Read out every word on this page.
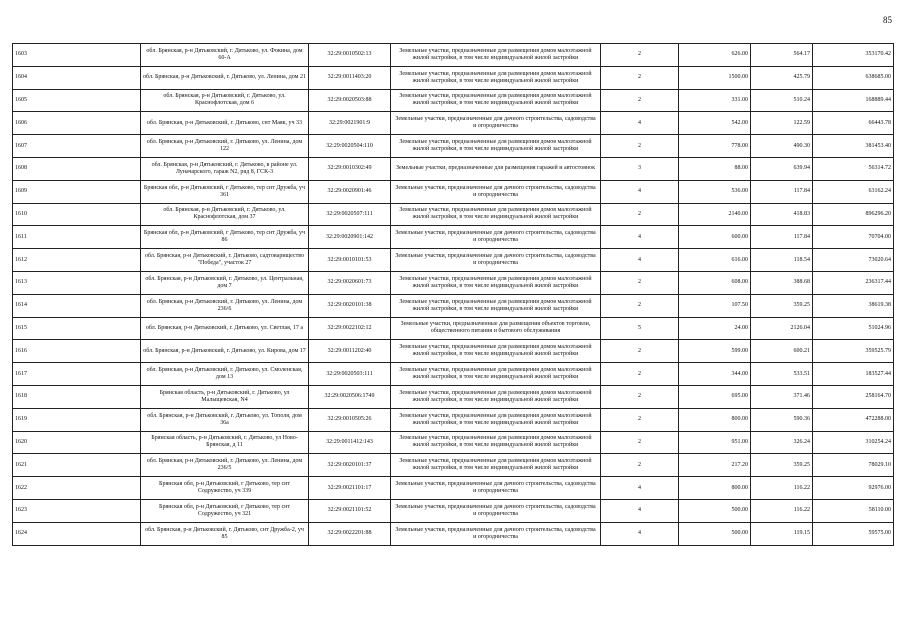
85
1603	обл. Брянская, р-н Дятьковский, г. Дятьково, ул. Фокина, дом 60-А	32:29:0010502:13	Земельные участки, предназначенные для размещения домов малоэтажной жилой застройки, в том числе индивидуальной жилой застройки	2	626.00	564.17	353170.42
1604	обл. Брянская, р-н Дятьковский, г. Дятьково, ул. Ленина, дом 21	32:29:0011403:20	Земельные участки, предназначенные для размещения домов малоэтажной жилой застройки, в том числе индивидуальной жилой застройки	2	1500.00	425.79	638685.00
1605	обл. Брянская, р-н Дятьковский, г. Дятьково, ул. Краснофлотская, дом 6	32:29:0020503:88	Земельные участки, предназначенные для размещения домов малоэтажной жилой застройки, в том числе индивидуальной жилой застройки	2	331.00	510.24	168889.44
1606	обл. Брянская, р-н Дятьковский, г. Дятьково, снт Маяк, уч 33	32:29:0021901:9	Земельные участки, предназначенные для дачного строительства, садоводства и огородничества	4	542.00	122.59	66443.78
1607	обл. Брянская, р-н Дятьковский, г. Дятьково, ул. Ленина, дом 122	32:29:0020504:110	Земельные участки, предназначенные для размещения домов малоэтажной жилой застройки, в том числе индивидуальной жилой застройки	2	778.00	490.30	381453.40
1608	обл. Брянская, р-н Дятьковский, г. Дятьково, в районе ул. Луначарского, гараж N2, ряд 8, ГСК-3	32:29:0010302:49	Земельные участки, предназначенные для размещения гаражей и автостоянок	3	88.00	639.94	56314.72
1609	Брянская обл, р-н Дятьковский, г Дятьково, тер снт Дружба, уч 361	32:29:0020901:46	Земельные участки, предназначенные для дачного строительства, садоводства и огородничества	4	536.00	117.84	63162.24
1610	обл. Брянская, р-н Дятьковский, г. Дятьково, ул. Краснофлотская, дом 37	32:29:0020507:111	Земельные участки, предназначенные для размещения домов малоэтажной жилой застройки, в том числе индивидуальной жилой застройки	2	2140.00	418.83	896296.20
1611	Брянская обл, р-н Дятьковский, г Дятьково, тер снт Дружба, уч 86	32:29:0020901:142	Земельные участки, предназначенные для дачного строительства, садоводства и огородничества	4	600.00	117.84	70704.00
1612	обл. Брянская, р-н Дятьковский, г. Дятьково, садтоварищество "Победа", участок 27	32:29:0010101:53	Земельные участки, предназначенные для дачного строительства, садоводства и огородничества	4	616.00	118.54	73020.64
1613	обл. Брянская, р-н Дятьковский, г. Дятьково, ул. Центральная, дом 7	32:29:0020601:73	Земельные участки, предназначенные для размещения домов малоэтажной жилой застройки, в том числе индивидуальной жилой застройки	2	608.00	388.68	236317.44
1614	обл. Брянская, р-н Дятьковский, г. Дятьково, ул. Ленина, дом 236/6	32:29:0020101:38	Земельные участки, предназначенные для размещения домов малоэтажной жилой застройки, в том числе индивидуальной жилой застройки	2	107.50	359.25	38619.38
1615	обл. Брянская, р-н Дятьковский, г. Дятьково, ул. Светлая, 17 а	32:29:0022102:12	Земельные участки, предназначенные для размещения объектов торговли, общественного питания и бытового обслуживания	5	24.00	2126.04	51024.96
1616	обл. Брянская, р-н Дятьковский, г. Дятьково, ул. Кирова, дом 17	32:29:0011202:40	Земельные участки, предназначенные для размещения домов малоэтажной жилой застройки, в том числе индивидуальной жилой застройки	2	599.00	600.21	359525.79
1617	обл. Брянская, р-н Дятьковский, г. Дятьково, ул. Смоленская, дом 13	32:29:0020503:111	Земельные участки, предназначенные для размещения домов малоэтажной жилой застройки, в том числе индивидуальной жилой застройки	2	344.00	533.51	183527.44
1618	Брянская область, р-н Дятьковский, г. Дятьково, ул Малыщевская, N4	32:29:0020506:1749	Земельные участки, предназначенные для размещения домов малоэтажной жилой застройки, в том числе индивидуальной жилой застройки	2	695.00	371.46	258164.70
1619	обл. Брянская, р-н Дятьковский, г. Дятьково, ул. Тополя, дом 36а	32:29:0010505:26	Земельные участки, предназначенные для размещения домов малоэтажной жилой застройки, в том числе индивидуальной жилой застройки	2	800.00	590.36	472288.00
1620	Брянская область, р-н Дятьковский, г. Дятьково, ул Ново-Брянская, д 11	32:29:0011412:143	Земельные участки, предназначенные для размещения домов малоэтажной жилой застройки, в том числе индивидуальной жилой застройки	2	951.00	326.24	310254.24
1621	обл. Брянская, р-н Дятьковский, г. Дятьково, ул. Ленина, дом 236/5	32:29:0020101:37	Земельные участки, предназначенные для размещения домов малоэтажной жилой застройки, в том числе индивидуальной жилой застройки	2	217.20	359.25	78029.10
1622	Брянская обл, р-н Дятьковский, г Дятьково, тер снт Содружество, уч 339	32:29:0021101:17	Земельные участки, предназначенные для дачного строительства, садоводства и огородничества	4	800.00	116.22	92976.00
1623	Брянская обл, р-н Дятьковский, г Дятьково, тер снт Содружество, уч 321	32:29:0021101:52	Земельные участки, предназначенные для дачного строительства, садоводства и огородничества	4	500.00	116.22	58110.00
1624	обл. Брянская, р-н Дятьковский, г. Дятьково, снт Дружба-2, уч 85	32:29:0022201:88	Земельные участки, предназначенные для дачного строительства, садоводства и огородничества	4	500.00	119.15	59575.00
